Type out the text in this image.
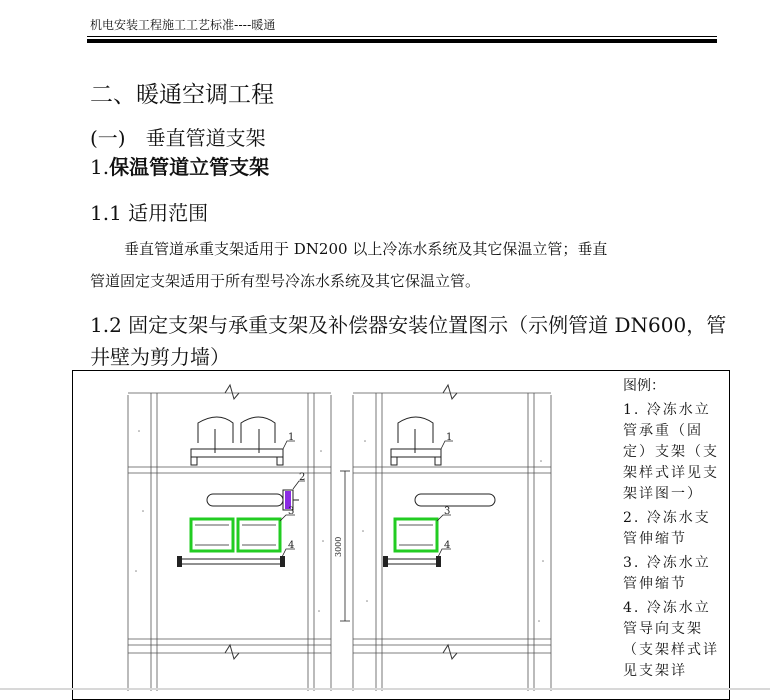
机电安装工程施工工艺标准----暖通
二、暖通空调工程
(一)　垂直管道支架
1.保温管道立管支架
1.1 适用范围
垂直管道承重支架适用于 DN200 以上冷冻水系统及其它保温立管；垂直
管道固定支架适用于所有型号冷冻水系统及其它保温立管。
1.2 固定支架与承重支架及补偿器安装位置图示（示例管道 DN600，管井壁为剪力墙）
1
2
3
4
1
3
4
3000
图例：
1. 冷冻水立管承重（固定）支架（支架样式详见支架详图一）
2. 冷冻水支管伸缩节
3. 冷冻水立管伸缩节
4. 冷冻水立管导向支架（支架样式详见支架详
